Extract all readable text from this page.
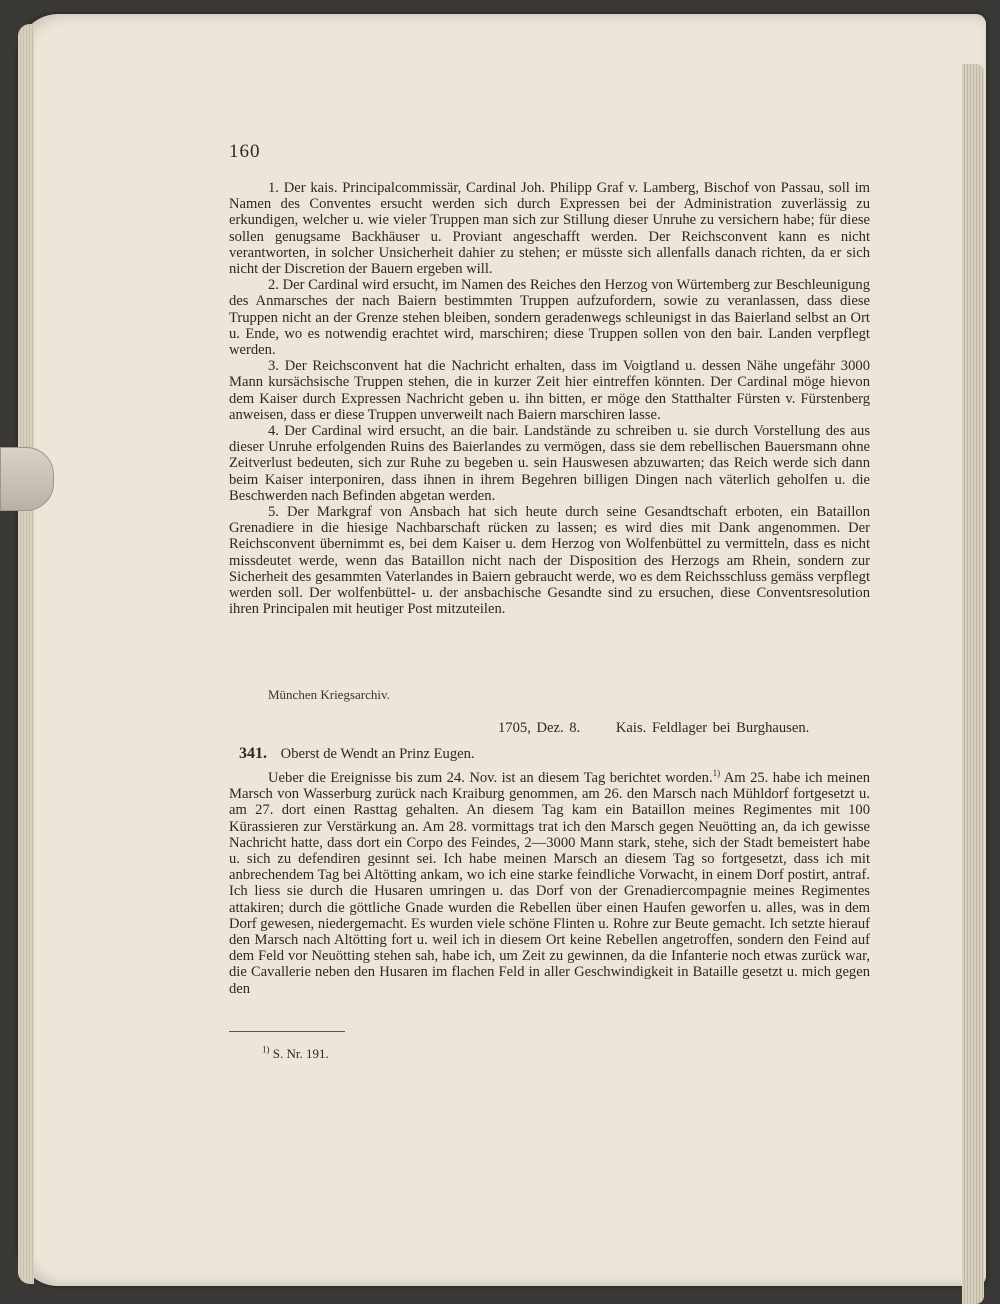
160

1. Der kais. Principalcommissär, Cardinal Joh. Philipp Graf v. Lamberg, Bischof von Passau, soll im Namen des Conventes ersucht werden sich durch Expressen bei der Administration zuverlässig zu erkundigen, welcher u. wie vieler Truppen man sich zur Stillung dieser Unruhe zu versichern habe; für diese sollen genugsame Backhäuser u. Proviant angeschafft werden. Der Reichsconvent kann es nicht verantworten, in solcher Unsicherheit dahier zu stehen; er müsste sich allenfalls danach richten, da er sich nicht der Discretion der Bauern ergeben will.

2. Der Cardinal wird ersucht, im Namen des Reiches den Herzog von Würtemberg zur Beschleunigung des Anmarsches der nach Baiern bestimmten Truppen aufzufordern, sowie zu veranlassen, dass diese Truppen nicht an der Grenze stehen bleiben, sondern geradenwegs schleunigst in das Baierland selbst an Ort u. Ende, wo es notwendig erachtet wird, marschiren; diese Truppen sollen von den bair. Landen verpflegt werden.

3. Der Reichsconvent hat die Nachricht erhalten, dass im Voigtland u. dessen Nähe ungefähr 3000 Mann kursächsische Truppen stehen, die in kurzer Zeit hier eintreffen könnten. Der Cardinal möge hievon dem Kaiser durch Expressen Nachricht geben u. ihn bitten, er möge den Statthalter Fürsten v. Fürstenberg anweisen, dass er diese Truppen unverweilt nach Baiern marschiren lasse.

4. Der Cardinal wird ersucht, an die bair. Landstände zu schreiben u. sie durch Vorstellung des aus dieser Unruhe erfolgenden Ruins des Baierlandes zu vermögen, dass sie dem rebellischen Bauersmann ohne Zeitverlust bedeuten, sich zur Ruhe zu begeben u. sein Hauswesen abzuwarten; das Reich werde sich dann beim Kaiser interponiren, dass ihnen in ihrem Begehren billigen Dingen nach väterlich geholfen u. die Beschwerden nach Befinden abgetan werden.

5. Der Markgraf von Ansbach hat sich heute durch seine Gesandtschaft erboten, ein Bataillon Grenadiere in die hiesige Nachbarschaft rücken zu lassen; es wird dies mit Dank angenommen. Der Reichsconvent übernimmt es, bei dem Kaiser u. dem Herzog von Wolfenbüttel zu vermitteln, dass es nicht missdeutet werde, wenn das Bataillon nicht nach der Disposition des Herzogs am Rhein, sondern zur Sicherheit des gesammten Vaterlandes in Baiern gebraucht werde, wo es dem Reichsschluss gemäss verpflegt werden soll. Der wolfenbüttel- u. der ansbachische Gesandte sind zu ersuchen, diese Conventsresolution ihren Principalen mit heutiger Post mitzuteilen.

München Kriegsarchiv.
1705, Dez. 8. Kais. Feldlager bei Burghausen.
341. Oberst de Wendt an Prinz Eugen.

Ueber die Ereignisse bis zum 24. Nov. ist an diesem Tag berichtet worden.$^{1)}$ Am 25. habe ich meinen Marsch von Wasserburg zurück nach Kraiburg genommen, am 26. den Marsch nach Mühldorf fortgesetzt u. am 27. dort einen Rasttag gehalten. An diesem Tag kam ein Bataillon meines Regimentes mit 100 Kürassieren zur Verstärkung an. Am 28. vormittags trat ich den Marsch gegen Neuötting an, da ich gewisse Nachricht hatte, dass dort ein Corpo des Feindes, 2—3000 Mann stark, stehe, sich der Stadt bemeistert habe u. sich zu defendiren gesinnt sei. Ich habe meinen Marsch an diesem Tag so fortgesetzt, dass ich mit anbrechendem Tag bei Altötting ankam, wo ich eine starke feindliche Vorwacht, in einem Dorf postirt, antraf. Ich liess sie durch die Husaren umringen u. das Dorf von der Grenadiercompagnie meines Regimentes attakiren; durch die göttliche Gnade wurden die Rebellen über einen Haufen geworfen u. alles, was in dem Dorf gewesen, niedergemacht. Es wurden viele schöne Flinten u. Rohre zur Beute gemacht. Ich setzte hierauf den Marsch nach Altötting fort u. weil ich in diesem Ort keine Rebellen angetroffen, sondern den Feind auf dem Feld vor Neuötting stehen sah, habe ich, um Zeit zu gewinnen, da die Infanterie noch etwas zurück war, die Cavallerie neben den Husaren im flachen Feld in aller Geschwindigkeit in Bataille gesetzt u. mich gegen den

$^{1)}$ S. Nr. 191.
